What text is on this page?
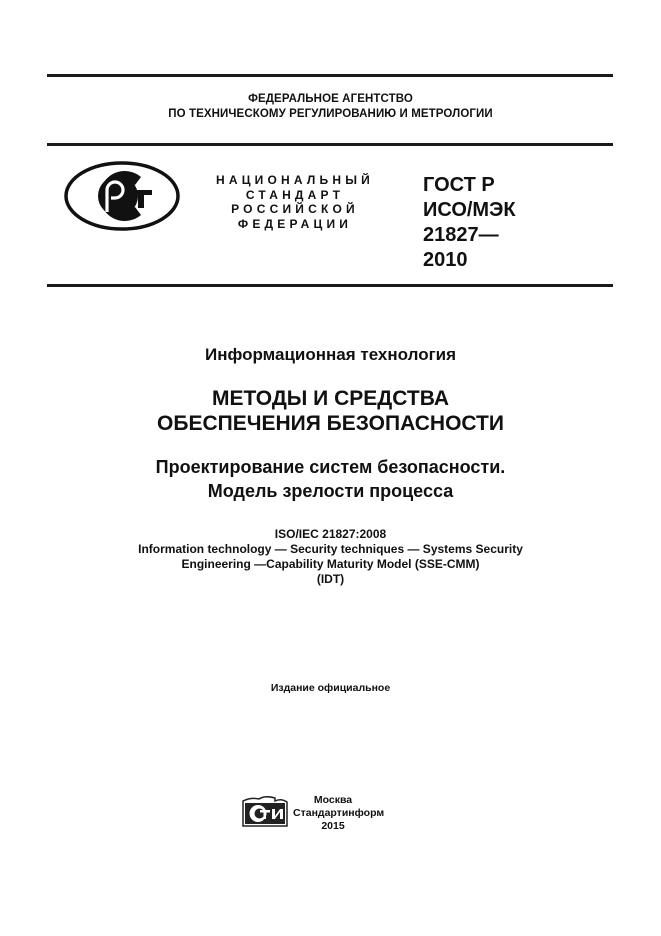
ФЕДЕРАЛЬНОЕ АГЕНТСТВО
ПО ТЕХНИЧЕСКОМУ РЕГУЛИРОВАНИЮ И МЕТРОЛОГИИ
НАЦИОНАЛЬНЫЙ
СТАНДАРТ
РОССИЙСКОЙ
ФЕДЕРАЦИИ
ГОСТ Р
ИСО/МЭК
21827—
2010
Информационная технология
МЕТОДЫ И СРЕДСТВА
ОБЕСПЕЧЕНИЯ БЕЗОПАСНОСТИ
Проектирование систем безопасности.
Модель зрелости процесса
ISO/IEC 21827:2008
Information technology — Security techniques — Systems Security
Engineering —Capability Maturity Model (SSE-CMM)
(IDT)
Издание официальное
Москва
Стандартинформ
2015
